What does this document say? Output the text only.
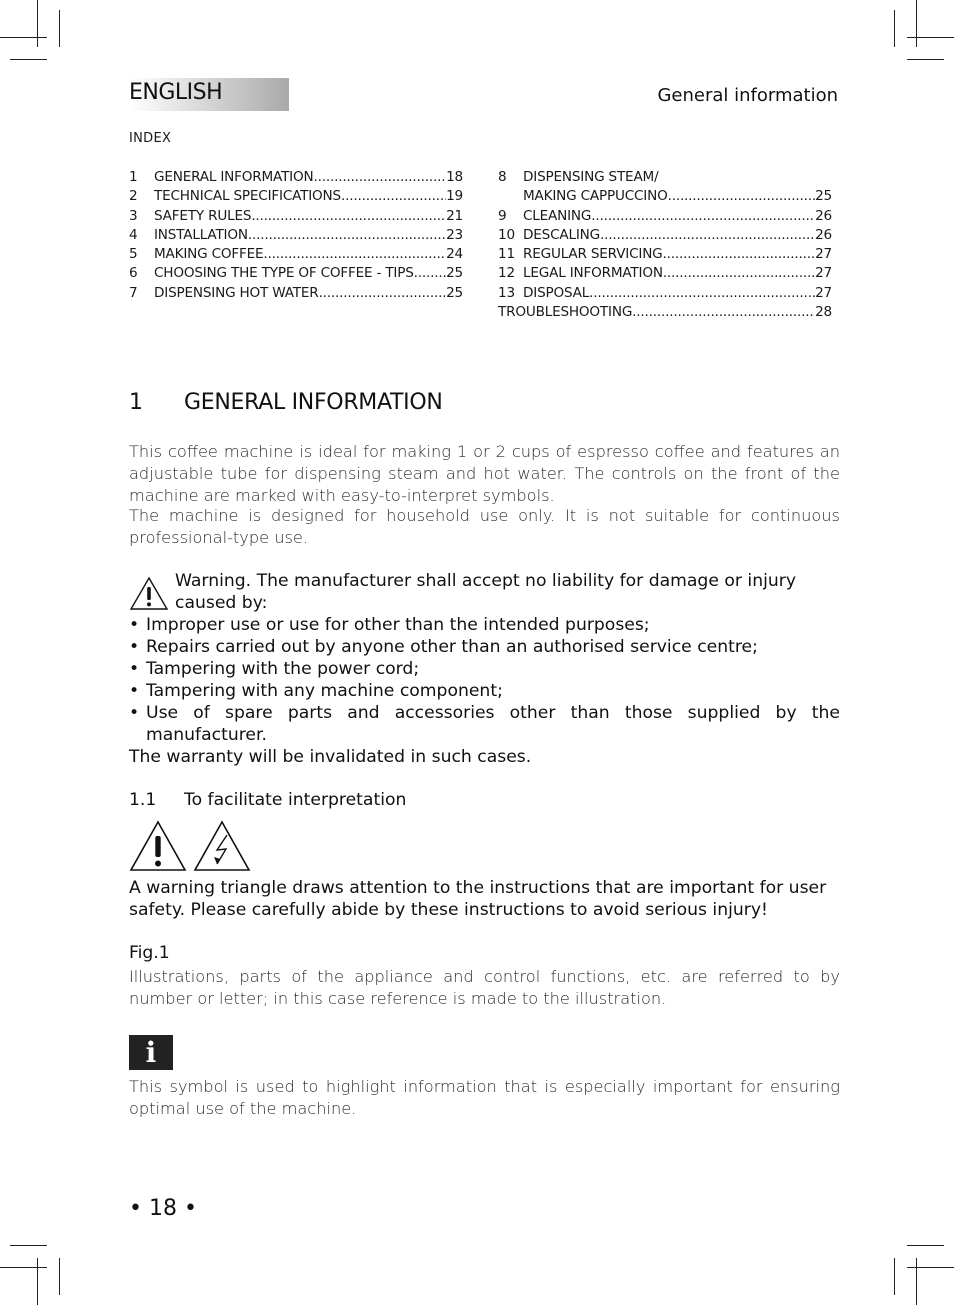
ENGLISH	General information
INDEX
1	GENERAL INFORMATION .....	18
2	TECHNICAL SPECIFICATIONS .....	19
3	SAFETY RULES .....	21
4	INSTALLATION .....	23
5	MAKING COFFEE .....	24
6	CHOOSING THE TYPE OF COFFEE - TIPS ..... 25
7	DISPENSING HOT WATER .....	25
8	DISPENSING STEAM/
MAKING CAPPUCCINO .....	25
9	CLEANING .....	26
10 DESCALING .....	26
11 REGULAR SERVICING .....	27
12 LEGAL INFORMATION .....	27
13 DISPOSAL .....	27
TROUBLESHOOTING .....	28
1 GENERAL INFORMATION
This coffee machine is ideal for making 1 or 2 cups of espresso coffee and features an adjustable tube for dispensing steam and hot water. The controls on the front of the machine are marked with easy-to-interpret symbols.
The machine is designed for household use only. It is not suitable for continuous professional-type use.
Warning. The manufacturer shall accept no liability for damage or injury caused by:
• Improper use or use for other than the intended purposes;
• Repairs carried out by anyone other than an authorised service centre;
• Tampering with the power cord;
• Tampering with any machine component;
• Use of spare parts and accessories other than those supplied by the manufacturer.
The warranty will be invalidated in such cases.
1.1 To facilitate interpretation
A warning triangle draws attention to the instructions that are important for user safety. Please carefully abide by these instructions to avoid serious injury!
Fig.1
Illustrations, parts of the appliance and control functions, etc. are referred to by number or letter; in this case reference is made to the illustration.
i
This symbol is used to highlight information that is especially important for ensuring optimal use of the machine.
• 18 •
